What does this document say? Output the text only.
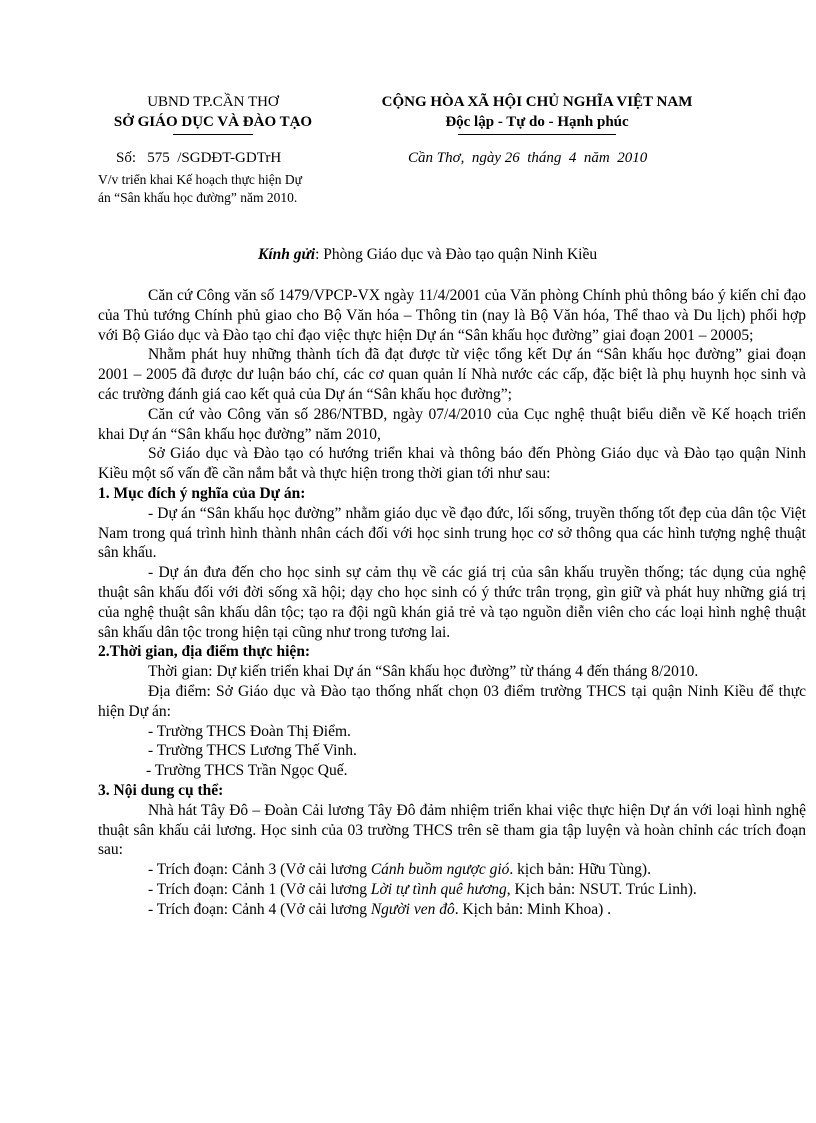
UBND TP.CẦN THƠ
SỞ GIÁO DỤC VÀ ĐÀO TẠO
CỘNG HÒA XÃ HỘI CHỦ NGHĨA VIỆT NAM
Độc lập - Tự do - Hạnh phúc
Số:   575  /SGDĐT-GDTrH
V/v triển khai Kế hoạch thực hiện Dự án “Sân khấu học đường” năm 2010.
Cần Thơ,  ngày 26  tháng  4  năm  2010
Kính gửi: Phòng Giáo dục và Đào tạo quận Ninh Kiều

Căn cứ Công văn số 1479/VPCP-VX ngày 11/4/2001 của Văn phòng Chính phủ thông báo ý kiến chỉ đạo của Thủ tướng Chính phủ giao cho Bộ Văn hóa – Thông tin (nay là Bộ Văn hóa, Thể thao và Du lịch) phối hợp với Bộ Giáo dục và Đào tạo chỉ đạo việc thực hiện Dự án “Sân khấu học đường” giai đoạn 2001 – 20005;

Nhằm phát huy những thành tích đã đạt được từ việc tổng kết Dự án “Sân khấu học đường” giai đoạn 2001 – 2005 đã được dư luận báo chí, các cơ quan quản lí Nhà nước các cấp, đặc biệt là phụ huynh học sinh và các trường đánh giá cao kết quả của Dự án “Sân khấu học đường”;

Căn cứ vào Công văn số 286/NTBD, ngày 07/4/2010 của Cục nghệ thuật biểu diễn về Kế hoạch triển khai Dự án “Sân khấu học đường” năm 2010,

Sở Giáo dục và Đào tạo có hướng triển khai và thông báo đến Phòng Giáo dục và Đào tạo quận Ninh Kiều một số vấn đề cần nắm bắt và thực hiện trong thời gian tới như sau:

1. Mục đích ý nghĩa của Dự án:

- Dự án “Sân khấu học đường” nhằm giáo dục về đạo đức, lối sống, truyền thống tốt đẹp của dân tộc Việt Nam trong quá trình hình thành nhân cách đối với học sinh trung học cơ sở thông qua các hình tượng nghệ thuật sân khấu.

- Dự án đưa đến cho học sinh sự cảm thụ về các giá trị của sân khấu truyền thống; tác dụng của nghệ thuật sân khấu đối với đời sống xã hội; dạy cho học sinh có ý thức trân trọng, gìn giữ và phát huy những giá trị của nghệ thuật sân khấu dân tộc; tạo ra đội ngũ khán giả trẻ và tạo nguồn diễn viên cho các loại hình nghệ thuật sân khấu dân tộc trong hiện tại cũng như trong tương lai.

2.Thời gian, địa điểm thực hiện:

Thời gian: Dự kiến triển khai Dự án “Sân khấu học đường” từ tháng 4 đến tháng 8/2010.

Địa điểm: Sở Giáo dục và Đào tạo thống nhất chọn 03 điểm trường THCS tại quận Ninh Kiều để thực hiện Dự án:

- Trường THCS Đoàn Thị Điểm.

- Trường THCS Lương Thế Vinh.

- Trường THCS Trần Ngọc Quế.

3. Nội dung cụ thể:

Nhà hát Tây Đô – Đoàn Cải lương Tây Đô đảm nhiệm triển khai việc thực hiện Dự án với loại hình nghệ thuật sân khấu cải lương. Học sinh của 03 trường THCS trên sẽ tham gia tập luyện và hoàn chỉnh các trích đoạn sau:

- Trích đoạn: Cảnh 3 (Vở cải lương Cánh buồm ngược gió. kịch bản: Hữu Tùng).

- Trích đoạn: Cảnh 1 (Vở cải lương Lời tự tình quê hương, Kịch bản: NSUT. Trúc Linh).

- Trích đoạn: Cảnh 4 (Vở cải lương Người ven đô. Kịch bản: Minh Khoa) .
